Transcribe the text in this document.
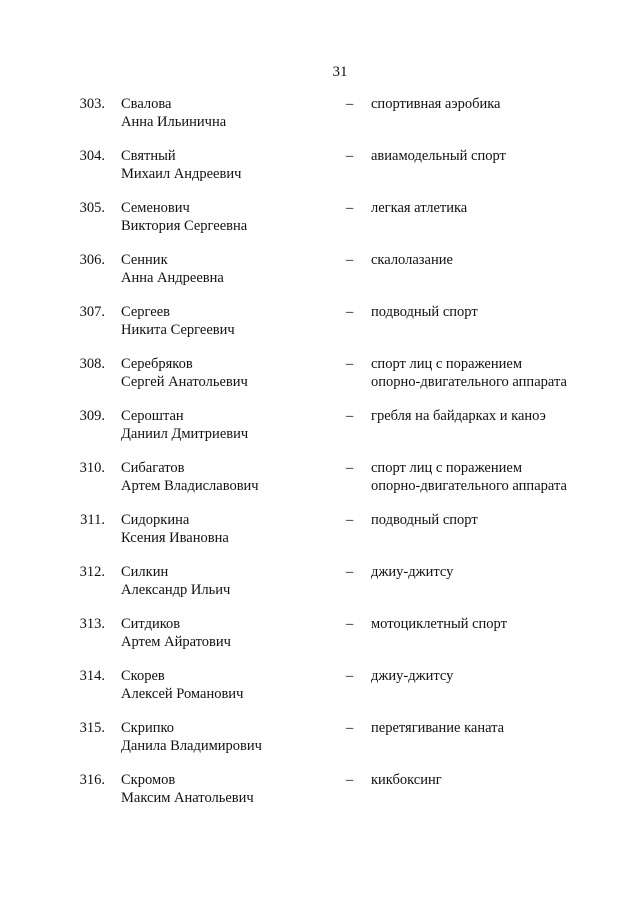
31
303. Свалова
Анна Ильинична
– спортивная аэробика
304. Святный
Михаил Андреевич
– авиамодельный спорт
305. Семенович
Виктория Сергеевна
– легкая атлетика
306. Сенник
Анна Андреевна
– скалолазание
307. Сергеев
Никита Сергеевич
– подводный спорт
308. Серебряков
Сергей Анатольевич
– спорт лиц с поражением
опорно-двигательного аппарата
309. Сероштан
Даниил Дмитриевич
– гребля на байдарках и каноэ
310. Сибагатов
Артем Владиславович
– спорт лиц с поражением
опорно-двигательного аппарата
311. Сидоркина
Ксения Ивановна
– подводный спорт
312. Силкин
Александр Ильич
– джиу-джитсу
313. Ситдиков
Артем Айратович
– мотоциклетный спорт
314. Скорев
Алексей Романович
– джиу-джитсу
315. Скрипко
Данила Владимирович
– перетягивание каната
316. Скромов
Максим Анатольевич
– кикбоксинг
